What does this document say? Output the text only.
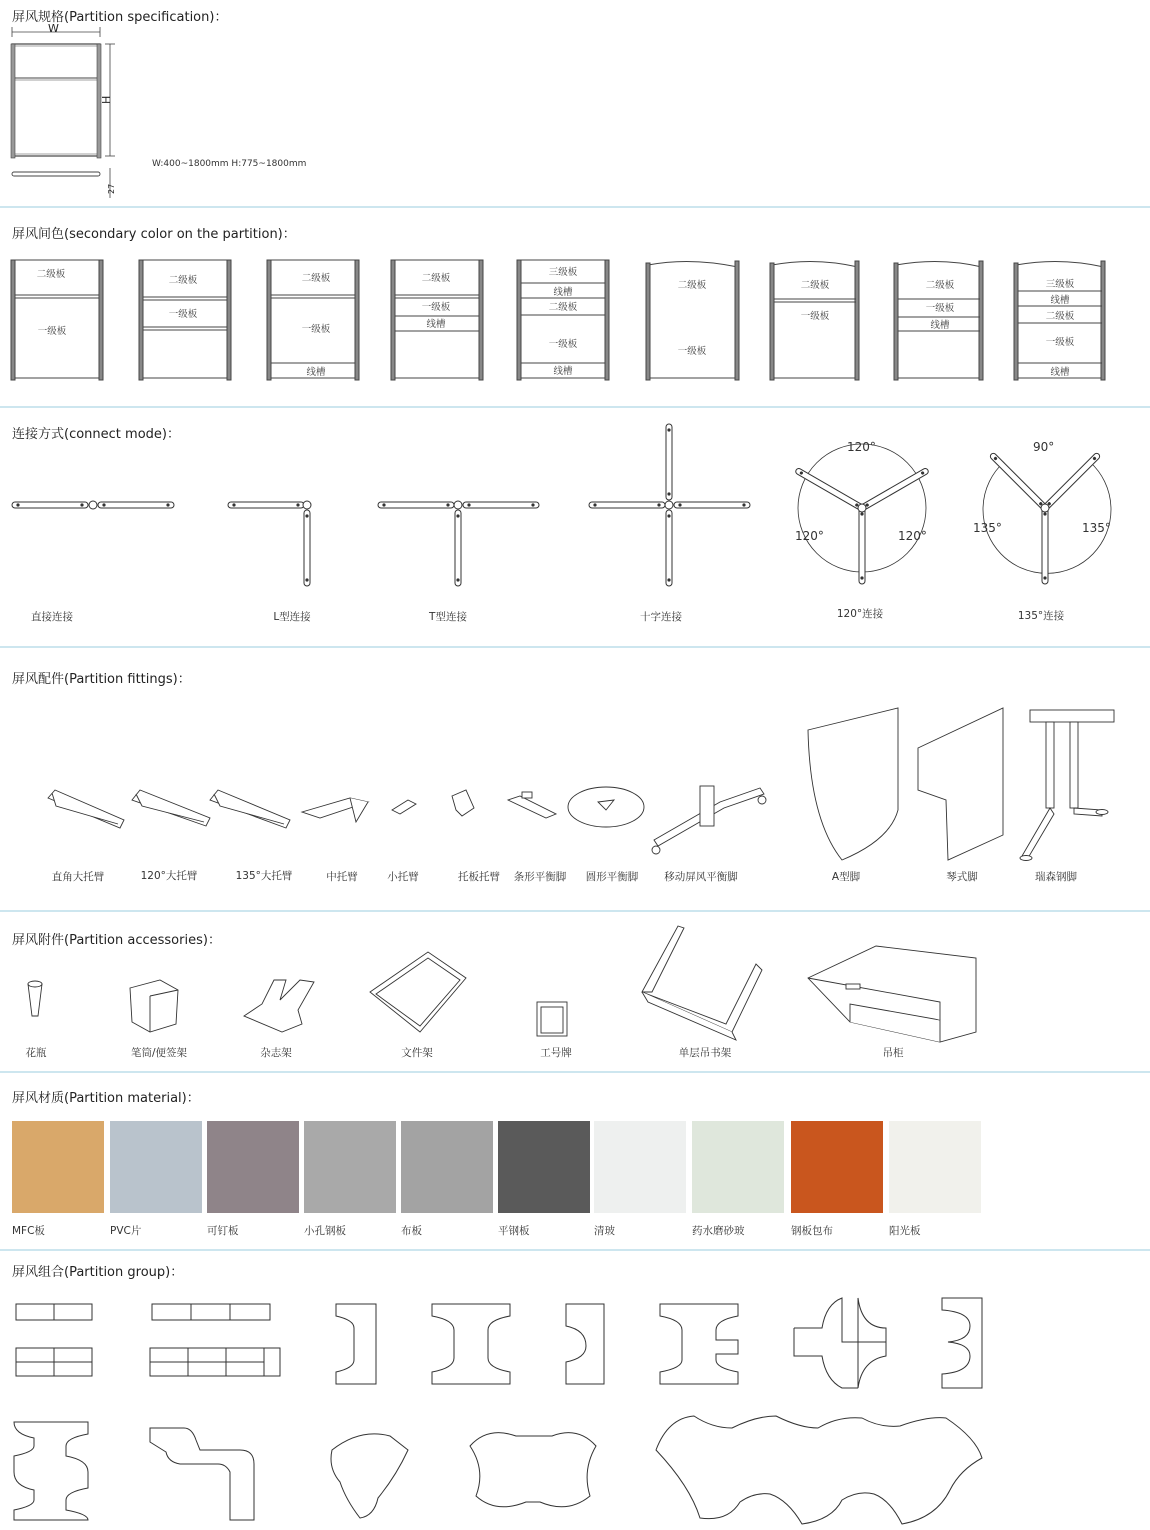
屏风规格(Partition specification)：
W
H
27
W:400~1800mm H:775~1800mm
屏风间色(secondary color on the partition)：
二级板
一级板
二级板
一级板
二级板
一级板
线槽
二级板
一级板
线槽
三级板
线槽
二级板
一级板
线槽
二级板
一级板
二级板
一级板
二级板
一级板
线槽
三级板
线槽
二级板
一级板
线槽
连接方式(connect mode)：
120°
120°	120°
90°
135°	135°
直接连接	L型连接	T型连接	十字连接	120°连接	135°连接
屏风配件(Partition fittings)：
直角大托臂	120°大托臂	135°大托臂	中托臂	小托臂	托板托臂 条形平衡脚 圆形平衡脚 移动屏风平衡脚	A型脚	琴式脚	瑞森钢脚
屏风附件(Partition accessories)：
花瓶	笔筒/便签架	杂志架	文件架	工号牌	单层吊书架	吊柜
屏风材质(Partition material)：
MFC板	PVC片	可钉板	小孔钢板	布板	平钢板	清玻	药水磨砂玻	钢板包布	阳光板
屏风组合(Partition group)：
